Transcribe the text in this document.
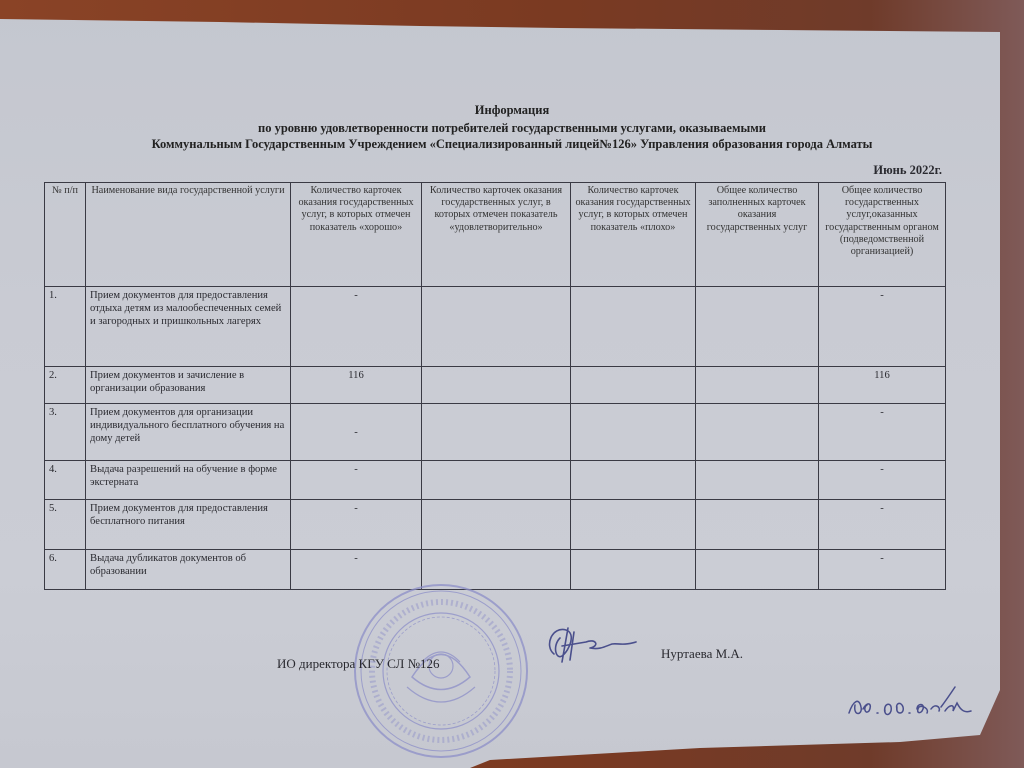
Информация
по уровню удовлетворенности потребителей государственными услугами, оказываемыми
Коммунальным Государственным Учреждением «Специализированный лицей№126» Управления образования города Алматы
Июнь 2022г.
№ п/п	Наименование вида государственной услуги	Количество карточек оказания государственных услуг, в которых отмечен показатель «хорошо»	Количество карточек оказания государственных услуг, в которых отмечен показатель «удовлетворительно»	Количество карточек оказания государственных услуг, в которых отмечен показатель «плохо»	Общее количество заполненных карточек оказания государственных услуг	Общее количество государственных услуг,оказанных государственным органом (подведомственной организацией)
1.	Прием документов для предоставления отдыха детям из малообеспеченных семей и загородных и пришкольных лагерях	-				-
2.	Прием документов и зачисление в организации образования	116				116
3.	Прием документов для организации индивидуального бесплатного обучения на дому детей	-				-
4.	Выдача разрешений на обучение в форме экстерната	-				-
5.	Прием документов для предоставления бесплатного питания	-				-
6.	Выдача дубликатов документов об образовании	-				-
ИО директора КГУ СЛ №126
Нуртаева М.А.
